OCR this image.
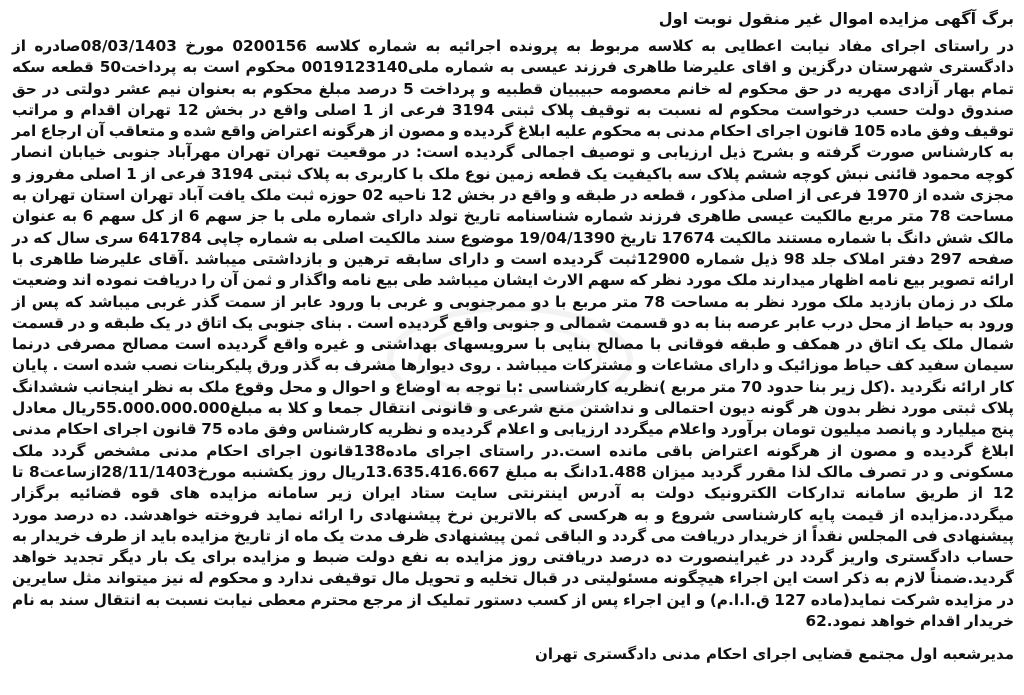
برگ آگهی مزایده اموال غیر منقول نوبت اول

در راستای اجرای مفاد نیابت اعطایی به کلاسه مربوط به پرونده اجرائیه به شماره کلاسه 0200156 مورخ 08/03/1403صادره از دادگستری شهرستان درگزین و اقای علیرضا طاهری فرزند عیسی به شماره ملی0019123140 محکوم است به پرداخت50 قطعه سکه تمام بهار آزادی مهریه در حق محکوم له خانم معصومه حبیبیان قطبیه و پرداخت 5 درصد مبلغ محکوم به بعنوان نیم عشر دولتی در حق صندوق دولت حسب درخواست محکوم له نسبت به توقیف پلاک ثبتی 3194 فرعی از 1 اصلی واقع در بخش 12 تهران اقدام و مراتب توقیف وفق ماده 105 قانون اجرای احکام مدنی به محکوم علیه ابلاغ گردیده و مصون از هرگونه اعتراض واقع شده و متعاقب آن ارجاع امر به کارشناس صورت گرفته و بشرح ذیل ارزیابی و توصیف اجمالی گردیده است: در موقعیت تهران تهران مهرآباد جنوبی خیابان انصار کوچه محمود قائنی نبش کوچه ششم پلاک سه باکیفیت یک قطعه زمین نوع ملک با کاربری به پلاک ثبتی 3194 فرعی از 1 اصلی مفروز و مجزی شده از 1970 فرعی از اصلی مذکور ، قطعه در طبقه و واقع در بخش 12 ناحیه 02 حوزه ثبت ملک یافت آباد تهران استان تهران به مساحت 78 متر مربع مالکیت عیسی طاهری فرزند شماره شناسنامه تاریخ تولد دارای شماره ملی با جز سهم 6 از کل سهم 6 به عنوان مالک شش دانگ با شماره مستند مالکیت 17674 تاریخ 19/04/1390 موضوع سند مالکیت اصلی به شماره چاپی 641784 سری سال که در صفحه 297 دفتر املاک جلد 98 ذیل شماره 12900ثبت گردیده است و دارای سابقه ترهین و بازداشتی میباشد .آقای علیرضا طاهری با ارائه تصویر بیع نامه اظهار میدارند ملک مورد نظر که سهم الارث ایشان میباشد طی بیع نامه واگذار و ثمن آن را دریافت نموده اند وضعیت ملک در زمان بازدید ملک مورد نظر به مساحت 78 متر مربع با دو ممرجنوبی و غربی با ورود عابر از سمت گذر غربی میباشد که پس از ورود به حیاط از محل درب عابر عرصه بنا به دو قسمت شمالی و جنوبی واقع گردیده است . بنای جنوبی یک اتاق در یک طبقه و در قسمت شمال ملک یک اتاق در همکف و طبقه فوقانی با مصالح بنایی با سرویسهای بهداشتی و غیره واقع گردیده است مصالح مصرفی درنما سیمان سفید کف حیاط موزائیک و دارای مشاعات و مشترکات میباشد . روی دیوارها مشرف به گذر ورق پلیکربنات نصب شده است . پایان کار ارائه نگردید .(کل زیر بنا حدود 70 متر مربع )نظریه کارشناسی :با توجه به اوضاع و احوال و محل وقوع ملک به نظر اینجانب ششدانگ پلاک ثبتی مورد نظر بدون هر گونه دیون احتمالی و نداشتن منع شرعی و قانونی انتقال جمعا و کلا به مبلغ55.000.000.000ریال معادل پنج میلیارد و پانصد میلیون تومان برآورد واعلام میگردد ارزیابی و اعلام گردیده و نظریه کارشناس وفق ماده 75 قانون اجرای احکام مدنی ابلاغ گردیده و مصون از هرگونه اعتراض باقی مانده است.در راستای اجرای ماده138قانون اجرای احکام مدنی مشخص گردد ملک مسکونی و در تصرف مالک لذا مقرر گردید میزان 1.488دانگ به مبلغ 13.635.416.667ریال روز یکشنبه مورخ28/11/1403ازساعت8 تا 12 از طریق سامانه تدارکات الکترونیک دولت به آدرس اینترنتی سایت ستاد ایران زیر سامانه مزایده های قوه قضائیه برگزار میگردد.مزایده از قیمت پایه کارشناسی شروع و به هرکسی که بالاترین نرخ پیشنهادی را ارائه نماید فروخته خواهدشد. ده درصد مورد پیشنهادی فی المجلس نقداً از خریدار دریافت می گردد و الباقی ثمن پیشنهادی ظرف مدت یک ماه از تاریخ مزایده باید از طرف خریدار به حساب دادگستری واریز گردد در غیراینصورت ده درصد دریافتی روز مزایده به نفع دولت ضبط و مزایده برای یک بار دیگر تجدید خواهد گردید.ضمناً لازم به ذکر است این اجراء هیچگونه مسئولیتی در قبال تخلیه و تحویل مال توقیفی ندارد و محکوم له نیز میتواند مثل سایرین در مزایده شرکت نماید(ماده 127 ق.ا.ا.م) و این اجراء پس از کسب دستور تملیک از مرجع محترم معطی نیابت نسبت به انتقال سند به نام خریدار اقدام خواهد نمود.62

مدیرشعبه اول مجتمع قضایی اجرای احکام مدنی دادگستری تهران
